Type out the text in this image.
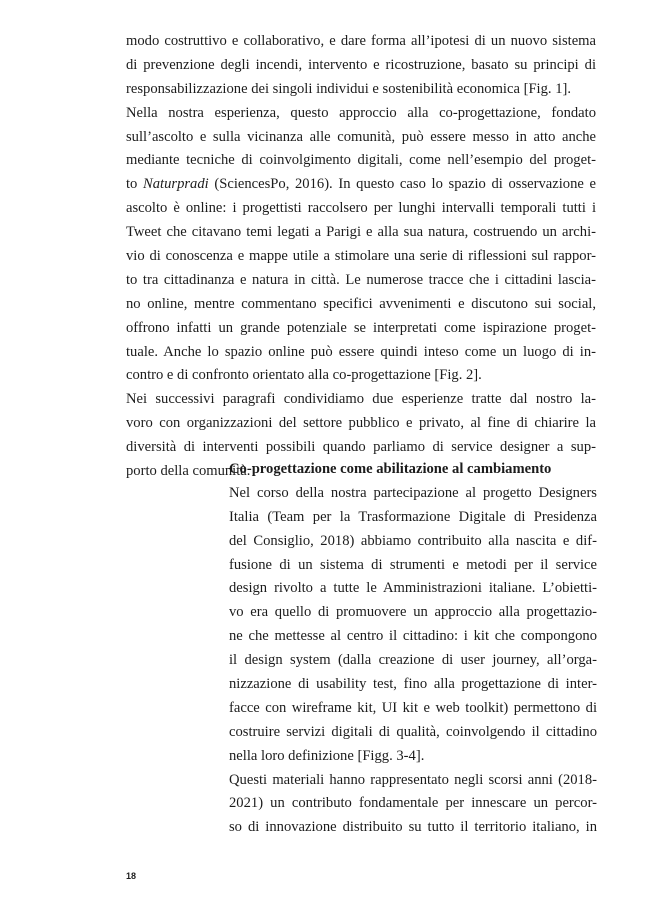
modo costruttivo e collaborativo, e dare forma all’ipotesi di un nuovo sistema
di prevenzione degli incendi, intervento e ricostruzione, basato su principi di
responsabilizzazione dei singoli individui e sostenibilità economica [Fig. 1].
Nella nostra esperienza, questo approccio alla co-progettazione, fondato
sull’ascolto e sulla vicinanza alle comunità, può essere messo in atto anche
mediante tecniche di coinvolgimento digitali, come nell’esempio del proget-
to Naturpradi (SciencesPo, 2016). In questo caso lo spazio di osservazione e
ascolto è online: i progettisti raccolsero per lunghi intervalli temporali tutti i
Tweet che citavano temi legati a Parigi e alla sua natura, costruendo un archi-
vio di conoscenza e mappe utile a stimolare una serie di riflessioni sul rappor-
to tra cittadinanza e natura in città. Le numerose tracce che i cittadini lascia-
no online, mentre commentano specifici avvenimenti e discutono sui social,
offrono infatti un grande potenziale se interpretati come ispirazione proget-
tuale. Anche lo spazio online può essere quindi inteso come un luogo di in-
contro e di confronto orientato alla co-progettazione [Fig. 2].
Nei successivi paragrafi condividiamo due esperienze tratte dal nostro la-
voro con organizzazioni del settore pubblico e privato, al fine di chiarire la
diversità di interventi possibili quando parliamo di service designer a sup-
porto della comunità.
Co-progettazione come abilitazione al cambiamento
Nel corso della nostra partecipazione al progetto Designers
Italia (Team per la Trasformazione Digitale di Presidenza
del Consiglio, 2018) abbiamo contribuito alla nascita e dif-
fusione di un sistema di strumenti e metodi per il service
design rivolto a tutte le Amministrazioni italiane. L’obietti-
vo era quello di promuovere un approccio alla progettazio-
ne che mettesse al centro il cittadino: i kit che compongono
il design system (dalla creazione di user journey, all’orga-
nizzazione di usability test, fino alla progettazione di inter-
facce con wireframe kit, UI kit e web toolkit) permettono di
costruire servizi digitali di qualità, coinvolgendo il cittadino
nella loro definizione [Figg. 3-4].
Questi materiali hanno rappresentato negli scorsi anni (2018-
2021) un contributo fondamentale per innescare un percor-
so di innovazione distribuito su tutto il territorio italiano, in
18
